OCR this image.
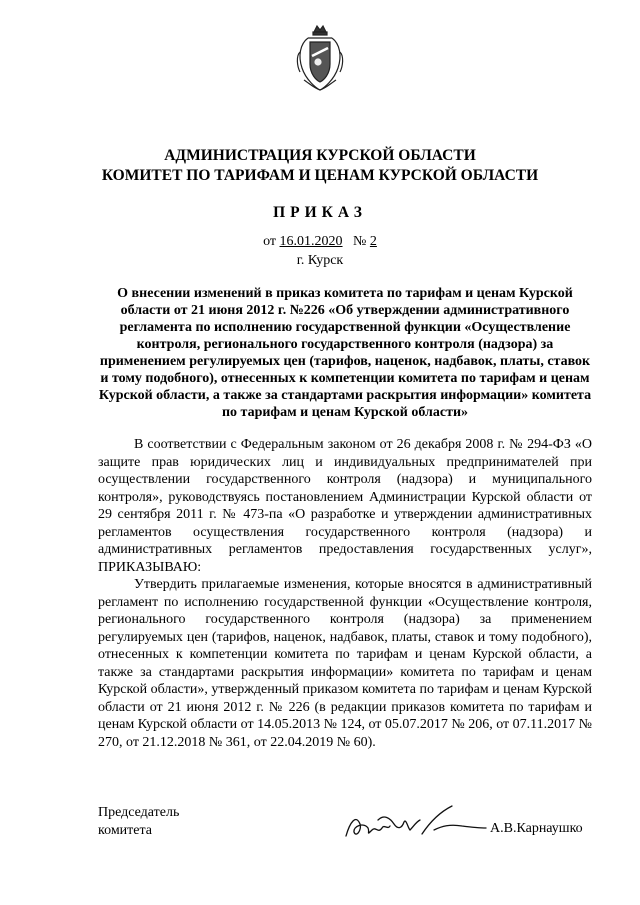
АДМИНИСТРАЦИЯ КУРСКОЙ ОБЛАСТИ
КОМИТЕТ ПО ТАРИФАМ И ЦЕНАМ КУРСКОЙ ОБЛАСТИ
ПРИКАЗ
от 16.01.2020 № 2
г. Курск
О внесении изменений в приказ комитета по тарифам и ценам Курской области от 21 июня 2012 г. №226 «Об утверждении административного регламента по исполнению государственной функции «Осуществление контроля, регионального государственного контроля (надзора) за применением регулируемых цен (тарифов, наценок, надбавок, платы, ставок и тому подобного), отнесенных к компетенции комитета по тарифам и ценам Курской области, а также за стандартами раскрытия информации» комитета по тарифам и ценам Курской области»

В соответствии с Федеральным законом от 26 декабря 2008 г. № 294-ФЗ «О защите прав юридических лиц и индивидуальных предпринимателей при осуществлении государственного контроля (надзора) и муниципального контроля», руководствуясь постановлением Администрации Курской области от 29 сентября 2011 г. № 473-па «О разработке и утверждении административных регламентов осуществления государственного контроля (надзора) и административных регламентов предоставления государственных услуг», ПРИКАЗЫВАЮ:

Утвердить прилагаемые изменения, которые вносятся в административный регламент по исполнению государственной функции «Осуществление контроля, регионального государственного контроля (надзора) за применением регулируемых цен (тарифов, наценок, надбавок, платы, ставок и тому подобного), отнесенных к компетенции комитета по тарифам и ценам Курской области, а также за стандартами раскрытия информации» комитета по тарифам и ценам Курской области», утвержденный приказом комитета по тарифам и ценам Курской области от 21 июня 2012 г. № 226 (в редакции приказов комитета по тарифам и ценам Курской области от 14.05.2013 № 124, от 05.07.2017 № 206, от 07.11.2017 № 270, от 21.12.2018 № 361, от 22.04.2019 № 60).

Председатель
комитета	А.В.Карнаушко
